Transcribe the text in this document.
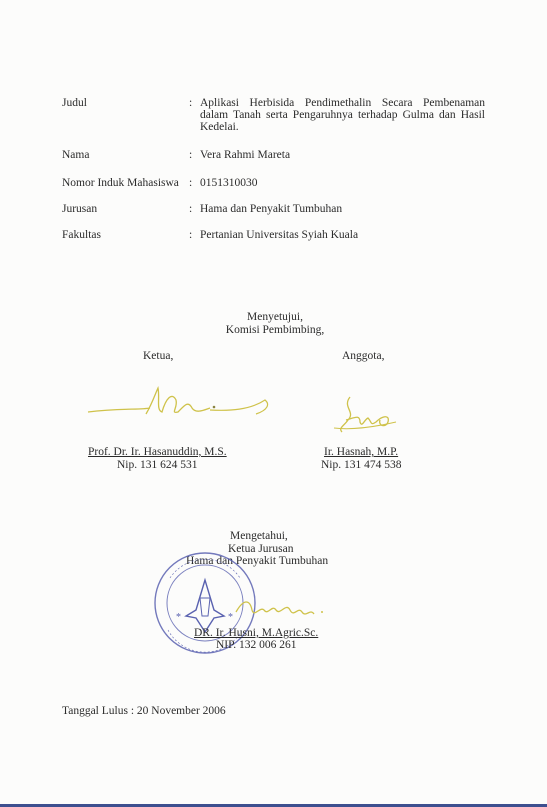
Judul	: Aplikasi Herbisida Pendimethalin Secara Pembenaman dalam Tanah serta Pengaruhnya terhadap Gulma dan Hasil Kedelai.
Nama	: Vera Rahmi Mareta
Nomor Induk Mahasiswa : 0151310030
Jurusan	: Hama dan Penyakit Tumbuhan
Fakultas	: Pertanian Universitas Syiah Kuala
Menyetujui,
Komisi Pembimbing,
Ketua,	Anggota,
Prof. Dr. Ir. Hasanuddin, M.S.
Nip. 131 624 531
Ir. Hasnah, M.P.
Nip. 131 474 538
Mengetahui,
Ketua Jurusan
Hama dan Penyakit Tumbuhan
*	*
DR. Ir. Husni, M.Agric.Sc.
NIP. 132 006 261
Tanggal Lulus : 20 November 2006
